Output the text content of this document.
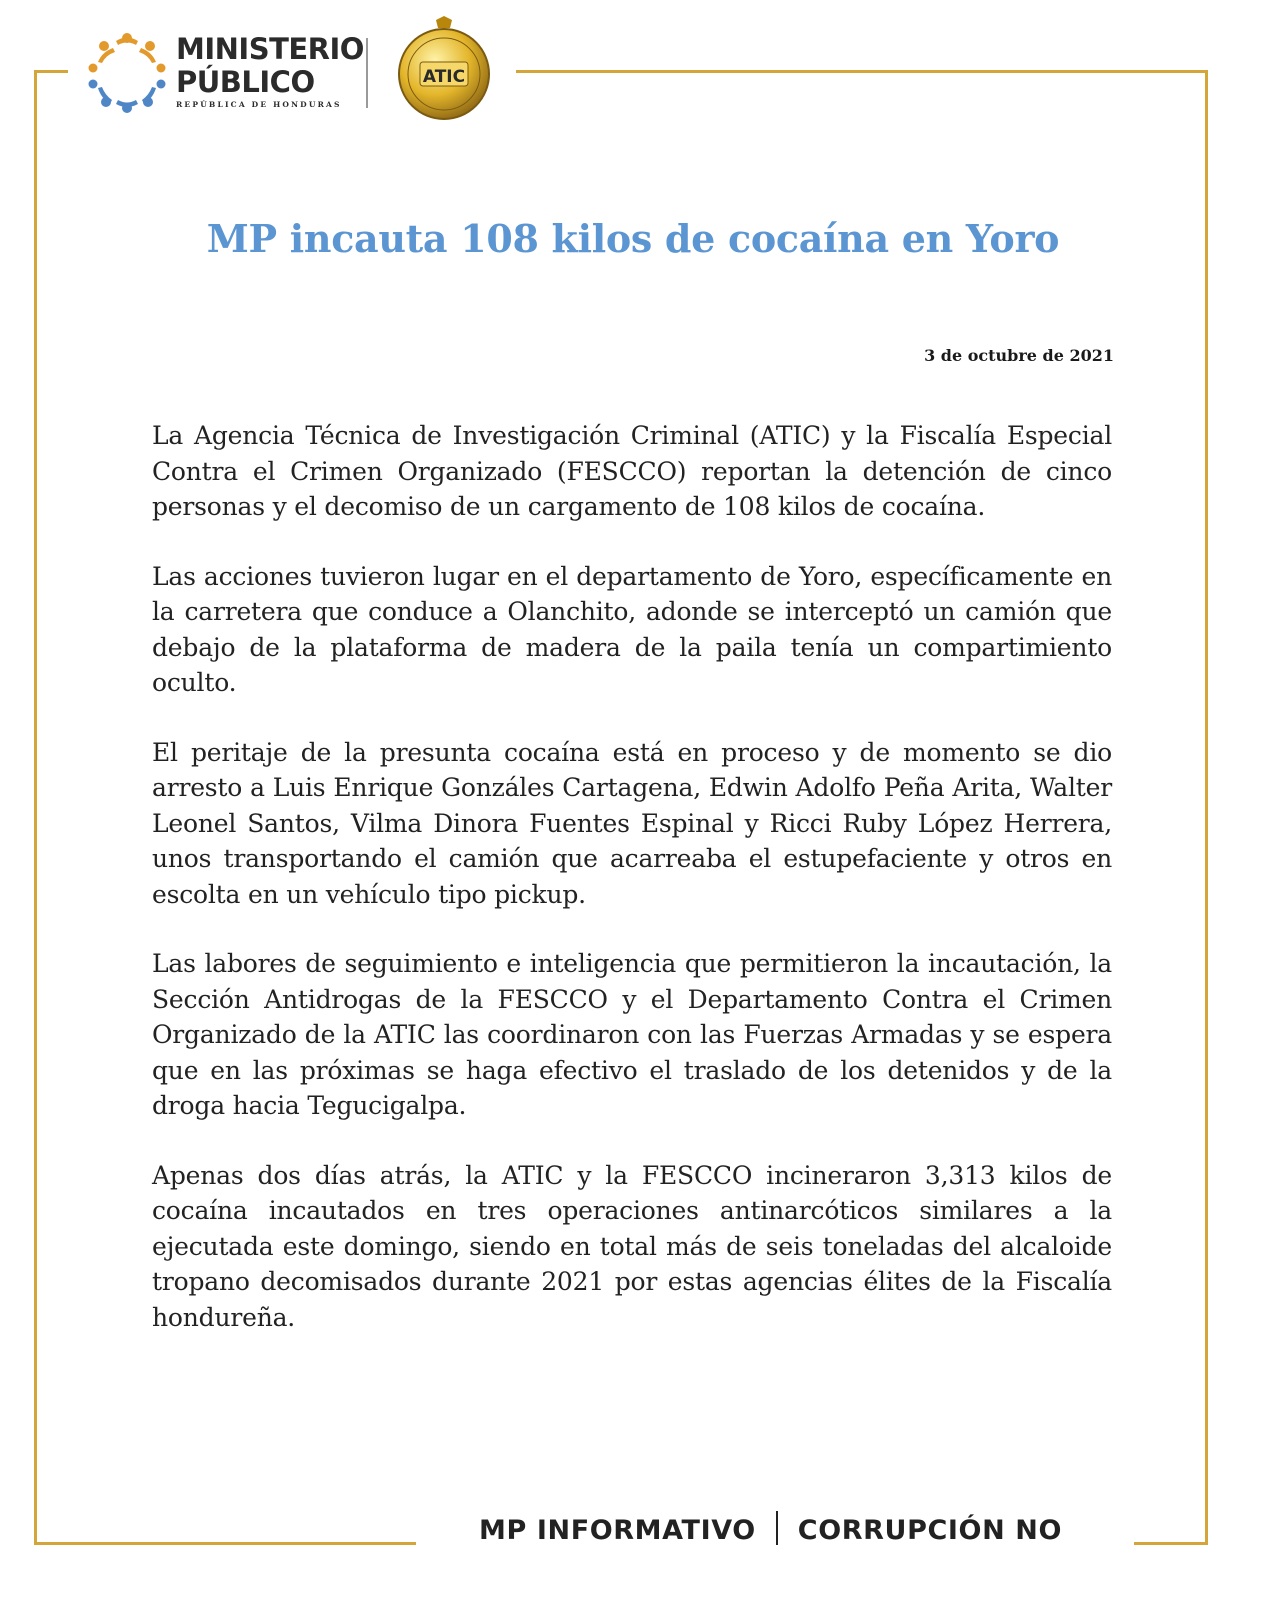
MINISTERIO
PÚBLICO
REPÚBLICA DE HONDURAS
ATIC
MP incauta 108 kilos de cocaína en Yoro
3 de octubre de 2021

La Agencia Técnica de Investigación Criminal (ATIC) y la Fiscalía Especial Contra el Crimen Organizado (FESCCO) reportan la detención de cinco personas y el decomiso de un cargamento de 108 kilos de cocaína.

Las acciones tuvieron lugar en el departamento de Yoro, específicamente en la carretera que conduce a Olanchito, adonde se interceptó un camión que debajo de la plataforma de madera de la paila tenía un compartimiento oculto.

El peritaje de la presunta cocaína está en proceso y de momento se dio arresto a Luis Enrique Gonzáles Cartagena, Edwin Adolfo Peña Arita, Walter Leonel Santos, Vilma Dinora Fuentes Espinal y Ricci Ruby López Herrera, unos transportando el camión que acarreaba el estupefaciente y otros en escolta en un vehículo tipo pickup.

Las labores de seguimiento e inteligencia que permitieron la incautación, la Sección Antidrogas de la FESCCO y el Departamento Contra el Crimen Organizado de la ATIC las coordinaron con las Fuerzas Armadas y se espera que en las próximas se haga efectivo el traslado de los detenidos y de la droga hacia Tegucigalpa.

Apenas dos días atrás, la ATIC y la FESCCO incineraron 3,313 kilos de cocaína incautados en tres operaciones antinarcóticos similares a la ejecutada este domingo, siendo en total más de seis toneladas del alcaloide tropano decomisados durante 2021 por estas agencias élites de la Fiscalía hondureña.

MP INFORMATIVO CORRUPCIÓN NO
